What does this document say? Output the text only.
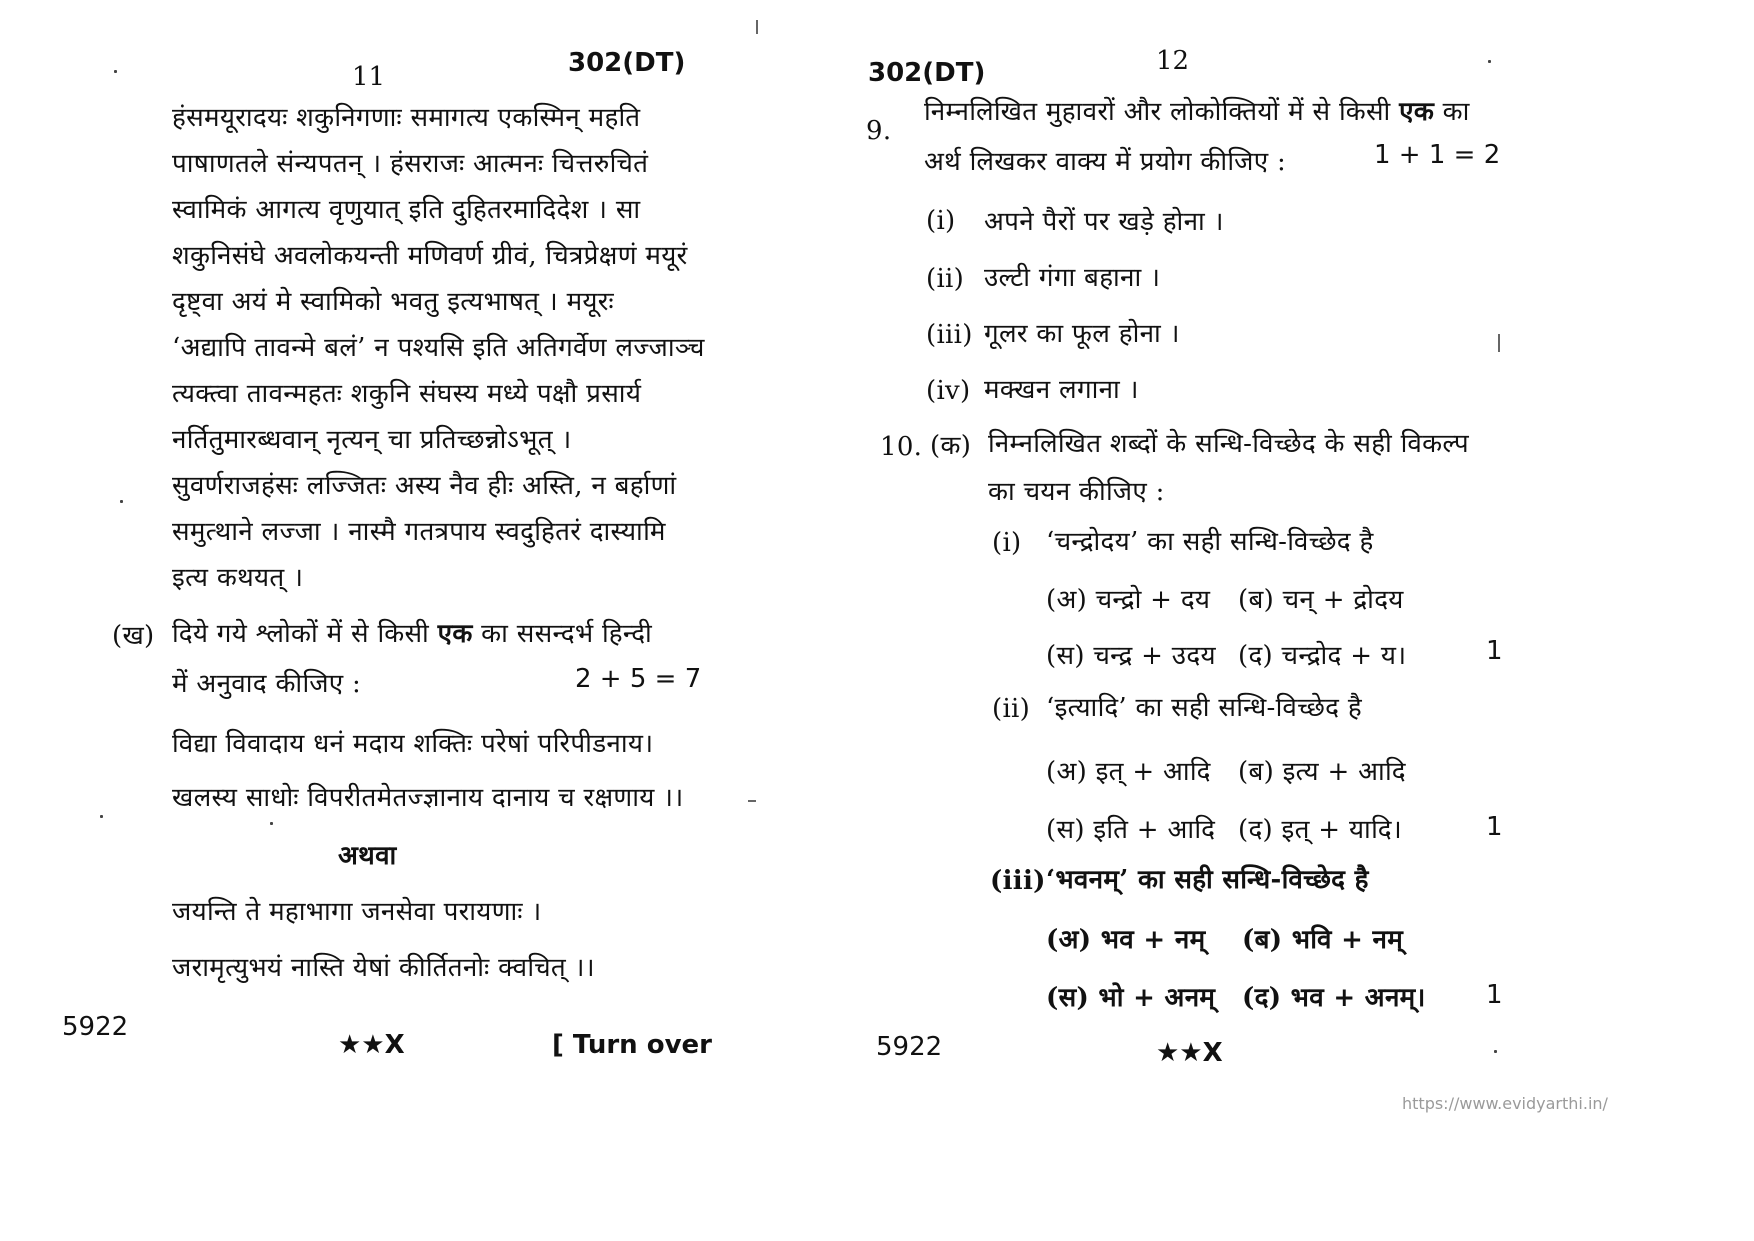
11	302(DT)
हंसमयूरादयः शकुनिगणाः समागत्य एकस्मिन् महति
पाषाणतले संन्यपतन् । हंसराजः आत्मनः चित्तरुचितं
स्वामिकं आगत्य वृणुयात् इति दुहितरमादिदेश । सा
शकुनिसंघे अवलोकयन्ती मणिवर्ण ग्रीवं, चित्रप्रेक्षणं मयूरं
दृष्ट्वा अयं मे स्वामिको भवतु इत्यभाषत् । मयूरः
‘अद्यापि तावन्मे बलं’ न पश्यसि इति अतिगर्वेण लज्जाञ्च
त्यक्त्वा तावन्महतः शकुनि संघस्य मध्ये पक्षौ प्रसार्य
नर्तितुमारब्धवान् नृत्यन् चा प्रतिच्छन्नोऽभूत् ।
सुवर्णराजहंसः लज्जितः अस्य नैव हीः अस्ति, न बर्हाणां
समुत्थाने लज्जा । नास्मै गतत्रपाय स्वदुहितरं दास्यामि
इत्य कथयत् ।
(ख) दिये गये श्लोकों में से किसी एक का ससन्दर्भ हिन्दी
में अनुवाद कीजिए :	2 + 5 = 7
विद्या विवादाय धनं मदाय शक्तिः परेषां परिपीडनाय।
खलस्य साधोः विपरीतमेतज्ज्ञानाय दानाय च रक्षणाय ।।
अथवा
जयन्ति ते महाभागा जनसेवा परायणाः ।
जरामृत्युभयं नास्ति येषां कीर्तितनोः क्वचित् ।।
5922
★★X	[ Turn over
302(DT)	12
9.
निम्नलिखित मुहावरों और लोकोक्तियों में से किसी एक का
अर्थ लिखकर वाक्य में प्रयोग कीजिए :	1 + 1 = 2
(i) अपने पैरों पर खड़े होना ।
(ii) उल्टी गंगा बहाना ।
(iii) गूलर का फूल होना ।
(iv) मक्खन लगाना ।
10. (क) निम्नलिखित शब्दों के सन्धि-विच्छेद के सही विकल्प
का चयन कीजिए :
(i) ‘चन्द्रोदय’ का सही सन्धि-विच्छेद है
(अ) चन्द्रो + दय (ब) चन् + द्रोदय
(स) चन्द्र + उदय (द) चन्द्रोद + य।	1
(ii) ‘इत्यादि’ का सही सन्धि-विच्छेद है
(अ) इत् + आदि (ब) इत्य + आदि
(स) इति + आदि (द) इत् + यादि।	1
(iii) ‘भवनम्’ का सही सन्धि-विच्छेद है
(अ) भव + नम् (ब) भवि + नम्
(स) भो + अनम् (द) भव + अनम्। 1
5922	★★X
https://www.evidyarthi.in/
